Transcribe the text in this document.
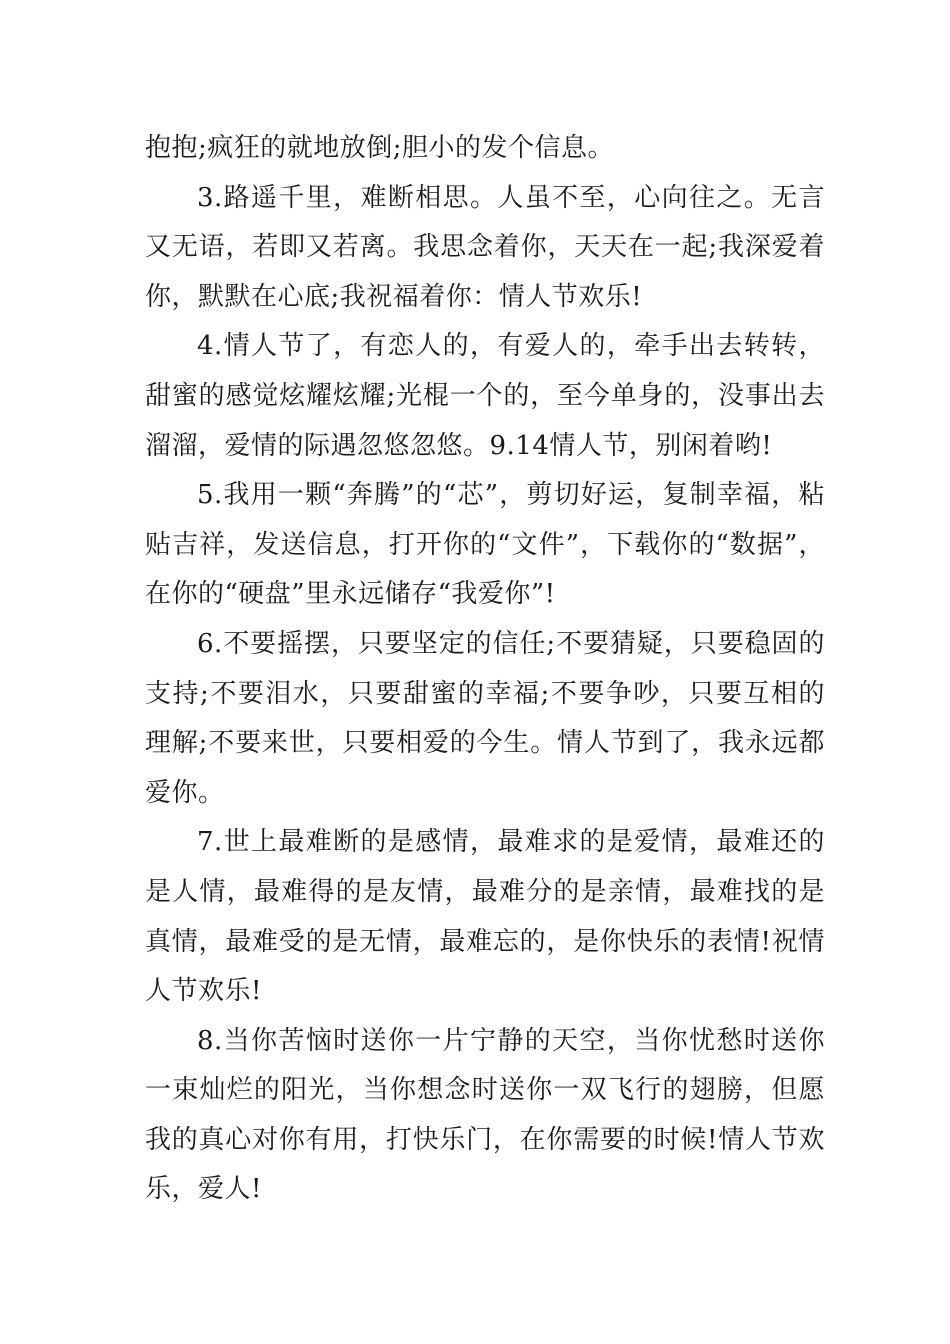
抱抱;疯狂的就地放倒;胆小的发个信息。

3.路遥千里，难断相思。人虽不至，心向往之。无言又无语，若即又若离。我思念着你，天天在一起;我深爱着你，默默在心底;我祝福着你：情人节欢乐!

4.情人节了，有恋人的，有爱人的，牵手出去转转，甜蜜的感觉炫耀炫耀;光棍一个的，至今单身的，没事出去溜溜，爱情的际遇忽悠忽悠。9.14情人节，别闲着哟!

5.我用一颗“奔腾”的“芯”，剪切好运，复制幸福，粘贴吉祥，发送信息，打开你的“文件”，下载你的“数据”，在你的“硬盘”里永远储存“我爱你”!

6.不要摇摆，只要坚定的信任;不要猜疑，只要稳固的支持;不要泪水，只要甜蜜的幸福;不要争吵，只要互相的理解;不要来世，只要相爱的今生。情人节到了，我永远都爱你。

7.世上最难断的是感情，最难求的是爱情，最难还的是人情，最难得的是友情，最难分的是亲情，最难找的是真情，最难受的是无情，最难忘的，是你快乐的表情!祝情人节欢乐!

8.当你苦恼时送你一片宁静的天空，当你忧愁时送你一束灿烂的阳光，当你想念时送你一双飞行的翅膀，但愿我的真心对你有用，打快乐门，在你需要的时候!情人节欢乐，爱人!
